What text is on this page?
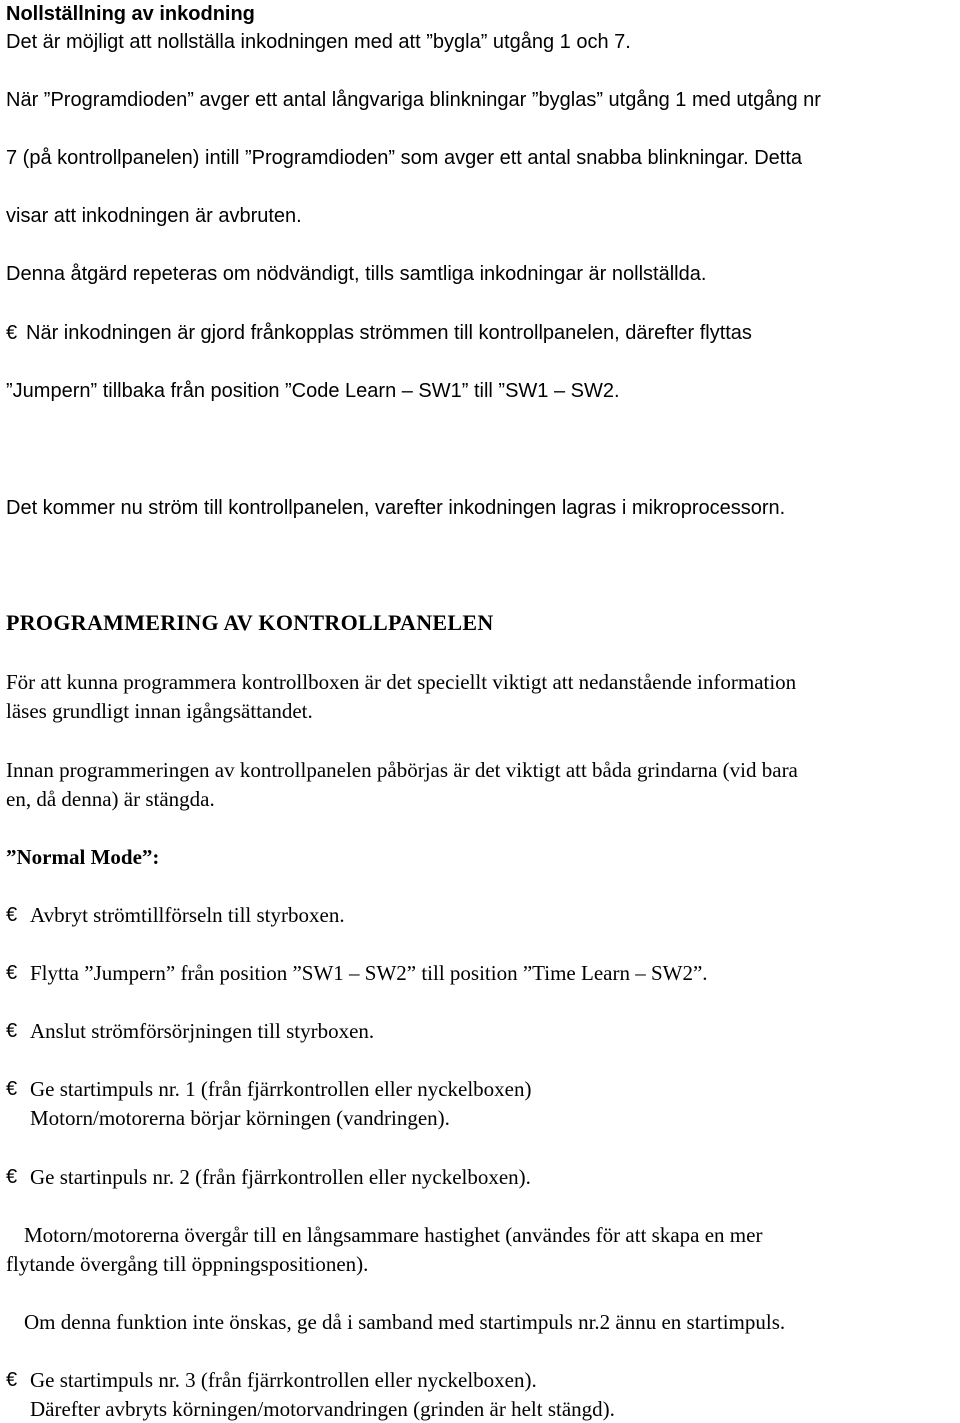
Nollställning av inkodning
Det är möjligt att nollställa inkodningen med att ”bygla” utgång 1 och 7.
När ”Programdioden” avger ett antal långvariga blinkningar ”byglas” utgång 1 med utgång nr
7 (på kontrollpanelen) intill ”Programdioden” som avger ett antal snabba blinkningar. Detta
visar att inkodningen är avbruten.
Denna åtgärd repeteras om nödvändigt, tills samtliga inkodningar är nollställda.
€ När inkodningen är gjord frånkopplas strömmen till kontrollpanelen, därefter flyttas
”Jumpern” tillbaka från position ”Code Learn – SW1” till ”SW1 – SW2.
Det kommer nu ström till kontrollpanelen, varefter inkodningen lagras i mikroprocessorn.
PROGRAMMERING AV KONTROLLPANELEN
För att kunna programmera kontrollboxen är det speciellt viktigt att nedanstående information
läses grundligt innan igångsättandet.
Innan programmeringen av kontrollpanelen påbörjas är det viktigt att båda grindarna (vid bara
en, då denna) är stängda.
”Normal Mode”:
€ Avbryt strömtillförseln till styrboxen.
€ Flytta ”Jumpern” från position ”SW1 – SW2” till position ”Time Learn – SW2”.
€ Anslut strömförsörjningen till styrboxen.
€ Ge startimpuls nr. 1 (från fjärrkontrollen eller nyckelboxen)
Motorn/motorerna börjar körningen (vandringen).
€ Ge startinpuls nr. 2 (från fjärrkontrollen eller nyckelboxen).
Motorn/motorerna övergår till en långsammare hastighet (användes för att skapa en mer
flytande övergång till öppningspositionen).
Om denna funktion inte önskas, ge då i samband med startimpuls nr.2 ännu en startimpuls.
€ Ge startimpuls nr. 3 (från fjärrkontrollen eller nyckelboxen).
Därefter avbryts körningen/motorvandringen (grinden är helt stängd).
